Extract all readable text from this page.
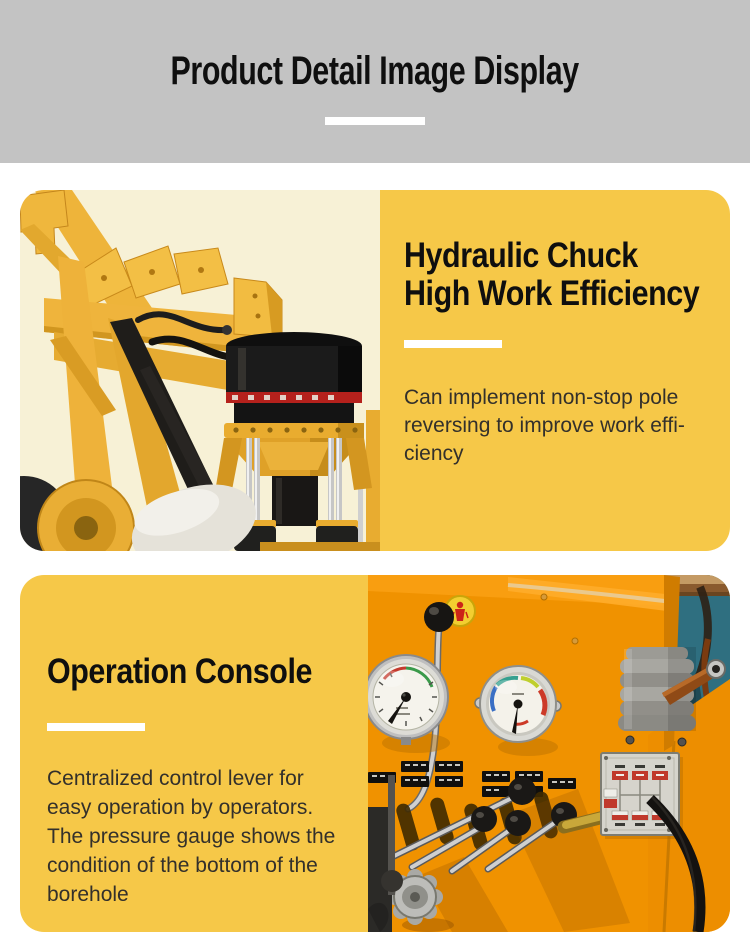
Product Detail Image Display
Hydraulic Chuck
High Work Efficiency
Can implement non-stop pole
reversing to improve work effi-
ciency
Operation Console
Centralized control lever for
easy operation by operators.
The pressure gauge shows the
condition of the bottom of the
borehole
